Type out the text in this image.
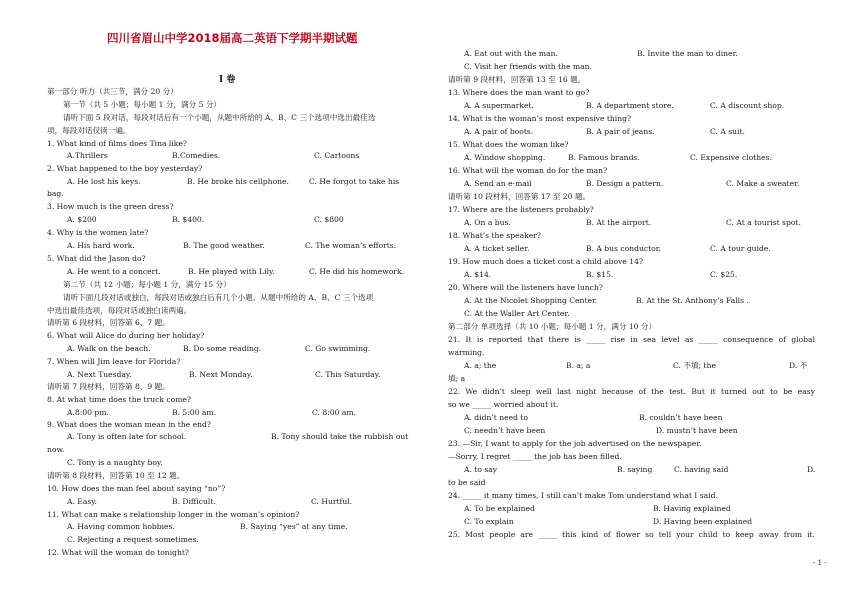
四川省眉山中学2018届高二英语下学期半期试题
I 卷
第一部分 听力（共三节，满分 20 分）
第一节（共 5 小题；每小题 1 分，满分 5 分）
请听下面 5 段对话，每段对话后有一个小题，从题中所给的 A、B、C 三个选项中选出最佳选
项，每段对话仅读一遍。
1. What kind of films does Tina like?
A.Thrillers	B.Comedies.	C. Cartoons
2. What happened to the boy yesterday?
A. He lost his keys.	B. He broke his cellphone.	C. He forgot to take his
bag.
3. How much is the green dress?
A. $200	B. $400.	C. $800
4. Why is the women late?
A. His hard work.	B. The good weather.	C. The woman’s efforts.
5. What did the Jason do?
A. He went to a concert.	B. He played with Lily.	C. He did his homework.
第二节（共 12 小题；每小题 1 分，满分 15 分）
请听下面几段对话或独白，每段对话或独白后有几个小题，从题中所给的 A、B、C 三个选项
中选出最佳选项，每段对话或独白读两遍。
请听第 6 段材料，回答第 6、7 题。
6. What will Alice do during her holiday?
A. Walk on the beach.	B. Do some reading.	C. Go swimming.
7. When will Jim leave for Florida?
A. Next Tuesday.	B. Next Monday.	C. This Saturday.
请听第 7 段材料，回答第 8、9 题。
8. At what time does the truck come?
A.8:00 pm.	B. 5:00 am.	C. 8:00 am.
9. What does the woman mean in the end?
A. Tony is often late for school.	B. Tony should take the rubbish out
now.
C. Tony is a naughty boy.
请听第 8 段材料，回答第 10 至 12 题。
10. How does the man feel about saying “no”?
A. Easy.	B. Difficult.	C. Hurtful.
11. What can make s relationship longer in the woman’s opinion?
A. Having common hobbies.	B. Saying “yes” at any time.
C. Rejecting a request sometimes.
12. What will the woman do tonight?
A. Eat out with the man.	B. Invite the man to diner.
C. Visit her friends with the man.
请听第 9 段材料，回答第 13 至 16 题。
13. Where does the man want to go?
A. A supermarket.	B. A department store.	C. A discount shop.
14. What is the woman’s most expensive thing?
A. A pair of boots.	B. A pair of jeans.	C. A suit.
15. What does the woman like?
A. Window shopping.	B. Famous brands.	C. Expensive clothes.
16. What will the woman do for the man?
A. Send an e-mail	B. Design a pattern.	C. Make a sweater.
请听第 10 段材料，回答第 17 至 20 题。
17. Where are the listeners probably?
A. On a bus.	B. At the airport.	C. At a tourist spot.
18. What’s the speaker?
A. A ticket seller.	B. A bus conductor.	C. A tour guide.
19. How much does a ticket cost a child above 14?
A. $14.	B. $15.	C. $25.
20. Where will the listeners have lunch?
A. At the Nicolet Shopping Center.	B. At the St. Anthony’s Falls .
C. At the Waller Art Center.
第二部分 单项选择（共 10 小题；每小题 1 分，满分 10 分）
21. It is reported that there is _____ rise in sea level as _____ consequence of global
warming.
A. a; the	B. a; a	C. 不填; the	D. 不
填; a
22. We didn’t sleep well last night because of the test. But it turned out to be easy
so we _____ worried about it.
A. didn’t need to	B. couldn’t have been
C. needn’t have been	D. mustn’t have been
23. —Sir, I want to apply for the job advertised on the newspaper.
—Sorry, I regret _____ the job has been filled.
A. to say	B. saying	C. having said	D.
to be said
24. _____ it many times, I still can’t make Tom understand what I said.
A. To be explained	B. Having explained
C. To explain	D. Having been explained
25. Most people are _____ this kind of flower so tell your child to keep away from it.
- 1 -
